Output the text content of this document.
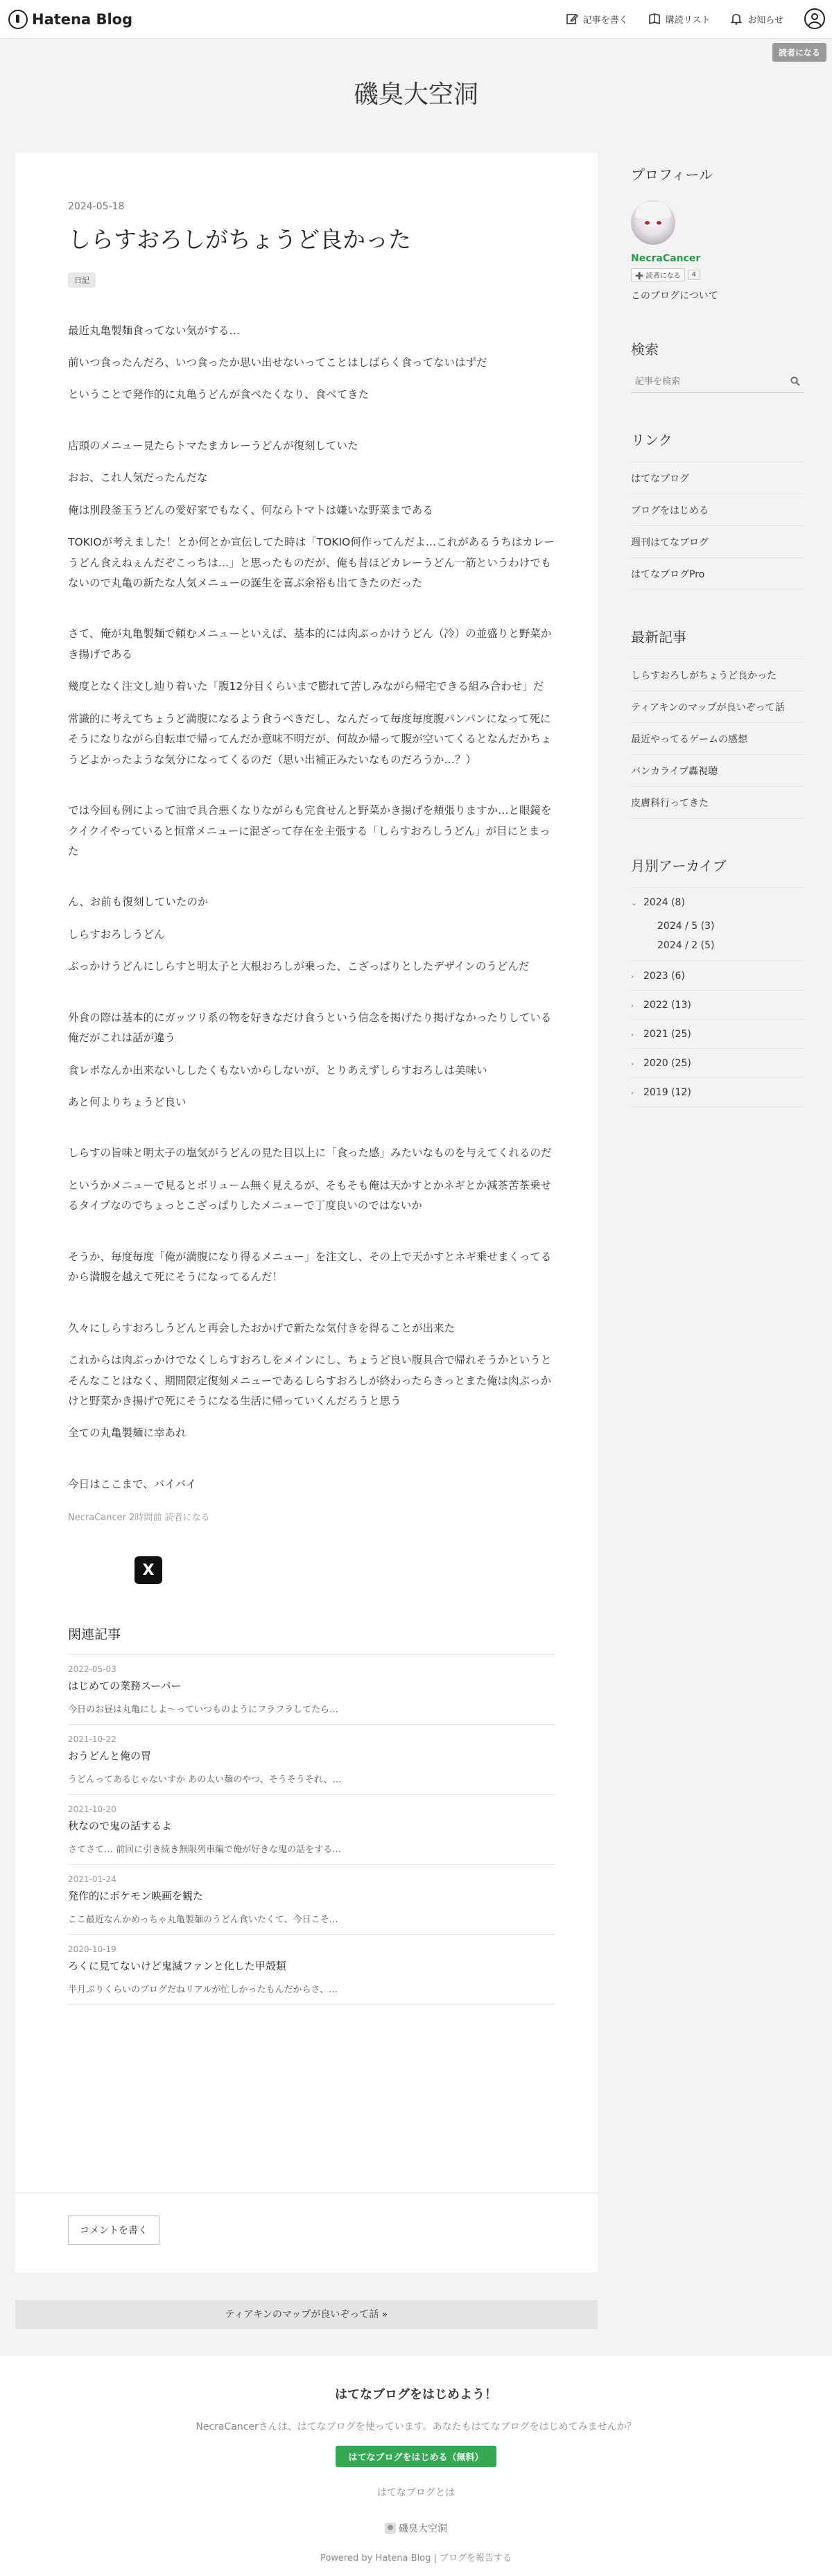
Hatena Blog	記事を書く	購読リスト	お知らせ
読者になる
磯臭大空洞
2024-05-18
しらすおろしがちょうど良かった
日記

最近丸亀製麺食ってない気がする…

前いつ食ったんだろ、いつ食ったか思い出せないってことはしばらく食ってないはずだ

ということで発作的に丸亀うどんが食べたくなり、食べてきた

店頭のメニュー見たらトマたまカレーうどんが復刻していた

おお、これ人気だったんだな

俺は別段釜玉うどんの愛好家でもなく、何ならトマトは嫌いな野菜まである

TOKIOが考えました！とか何とか宣伝してた時は「TOKIO何作ってんだよ…これがあるうちはカレーうどん食えねぇんだぞこっちは…」と思ったものだが、俺も昔ほどカレーうどん一筋というわけでもないので丸亀の新たな人気メニューの誕生を喜ぶ余裕も出てきたのだった

さて、俺が丸亀製麺で頼むメニューといえば、基本的には肉ぶっかけうどん（冷）の並盛りと野菜かき揚げである

幾度となく注文し辿り着いた「腹12分目くらいまで膨れて苦しみながら帰宅できる組み合わせ」だ

常識的に考えてちょうど満腹になるよう食うべきだし、なんだって毎度毎度腹パンパンになって死にそうになりながら自転車で帰ってんだか意味不明だが、何故か帰って腹が空いてくるとなんだかちょうどよかったような気分になってくるのだ（思い出補正みたいなものだろうか…？）

では今回も例によって油で具合悪くなりながらも完食せんと野菜かき揚げを頬張りますか…と眼鏡をクイクイやっていると恒常メニューに混ざって存在を主張する「しらすおろしうどん」が目にとまった

ん、お前も復刻していたのか

しらすおろしうどん

ぶっかけうどんにしらすと明太子と大根おろしが乗った、こざっぱりとしたデザインのうどんだ

外食の際は基本的にガッツリ系の物を好きなだけ食うという信念を掲げたり掲げなかったりしている俺だがこれは話が違う

食レポなんか出来ないししたくもないからしないが、とりあえずしらすおろしは美味い

あと何よりちょうど良い

しらすの旨味と明太子の塩気がうどんの見た目以上に「食った感」みたいなものを与えてくれるのだ

というかメニューで見るとボリューム無く見えるが、そもそも俺は天かすとかネギとか減茶苦茶乗せるタイプなのでちょっとこざっぱりしたメニューで丁度良いのではないか

そうか、毎度毎度「俺が満腹になり得るメニュー」を注文し、その上で天かすとネギ乗せまくってるから満腹を越えて死にそうになってるんだ！

久々にしらすおろしうどんと再会したおかげで新たな気付きを得ることが出来た

これからは肉ぶっかけでなくしらすおろしをメインにし、ちょうど良い腹具合で帰れそうかというとそんなことはなく、期間限定復刻メニューであるしらすおろしが終わったらきっとまた俺は肉ぶっかけと野菜かき揚げで死にそうになる生活に帰っていくんだろうと思う

全ての丸亀製麺に幸あれ

今日はここまで、バイバイ

NecraCancer 2時間前 読者になる
X
関連記事
2022-05-03
はじめての業務スーパー
今日のお昼は丸亀にしよ～っていつものようにフラフラしてたら…
2021-10-22
おうどんと俺の胃
うどんってあるじゃないすか あの太い麺のやつ、そうそうそれ、…
2021-10-20
秋なので鬼の話するよ
さてさて… 前回に引き続き無限列車編で俺が好きな鬼の話をする…
2021-01-24
発作的にポケモン映画を観た
ここ最近なんかめっちゃ丸亀製麺のうどん食いたくて、今日こそ…
2020-10-19
ろくに見てないけど鬼滅ファンと化した甲殻類
半月ぶりくらいのブログだねリアルが忙しかったもんだからさ、…
コメントを書く
ティアキンのマップが良いぞって話 »
プロフィール
NecraCancer
➕ 読者になる	4
このブログについて
検索
記事を検索
リンク
はてなブログ
ブログをはじめる
週刊はてなブログ
はてなブログPro
最新記事
しらすおろしがちょうど良かった
ティアキンのマップが良いぞって話
最近やってるゲームの感想
バンカライブ轟視聴
皮膚科行ってきた
月別アーカイブ
⌄ 2024 (8)
2024 / 5 (3)
2024 / 2 (5)
› 2023 (6)
› 2022 (13)
› 2021 (25)
› 2020 (25)
› 2019 (12)
はてなブログをはじめよう！
NecraCancerさんは、はてなブログを使っています。あなたもはてなブログをはじめてみませんか？
はてなブログをはじめる（無料）
はてなブログとは
磯臭大空洞
Powered by Hatena Blog | ブログを報告する
